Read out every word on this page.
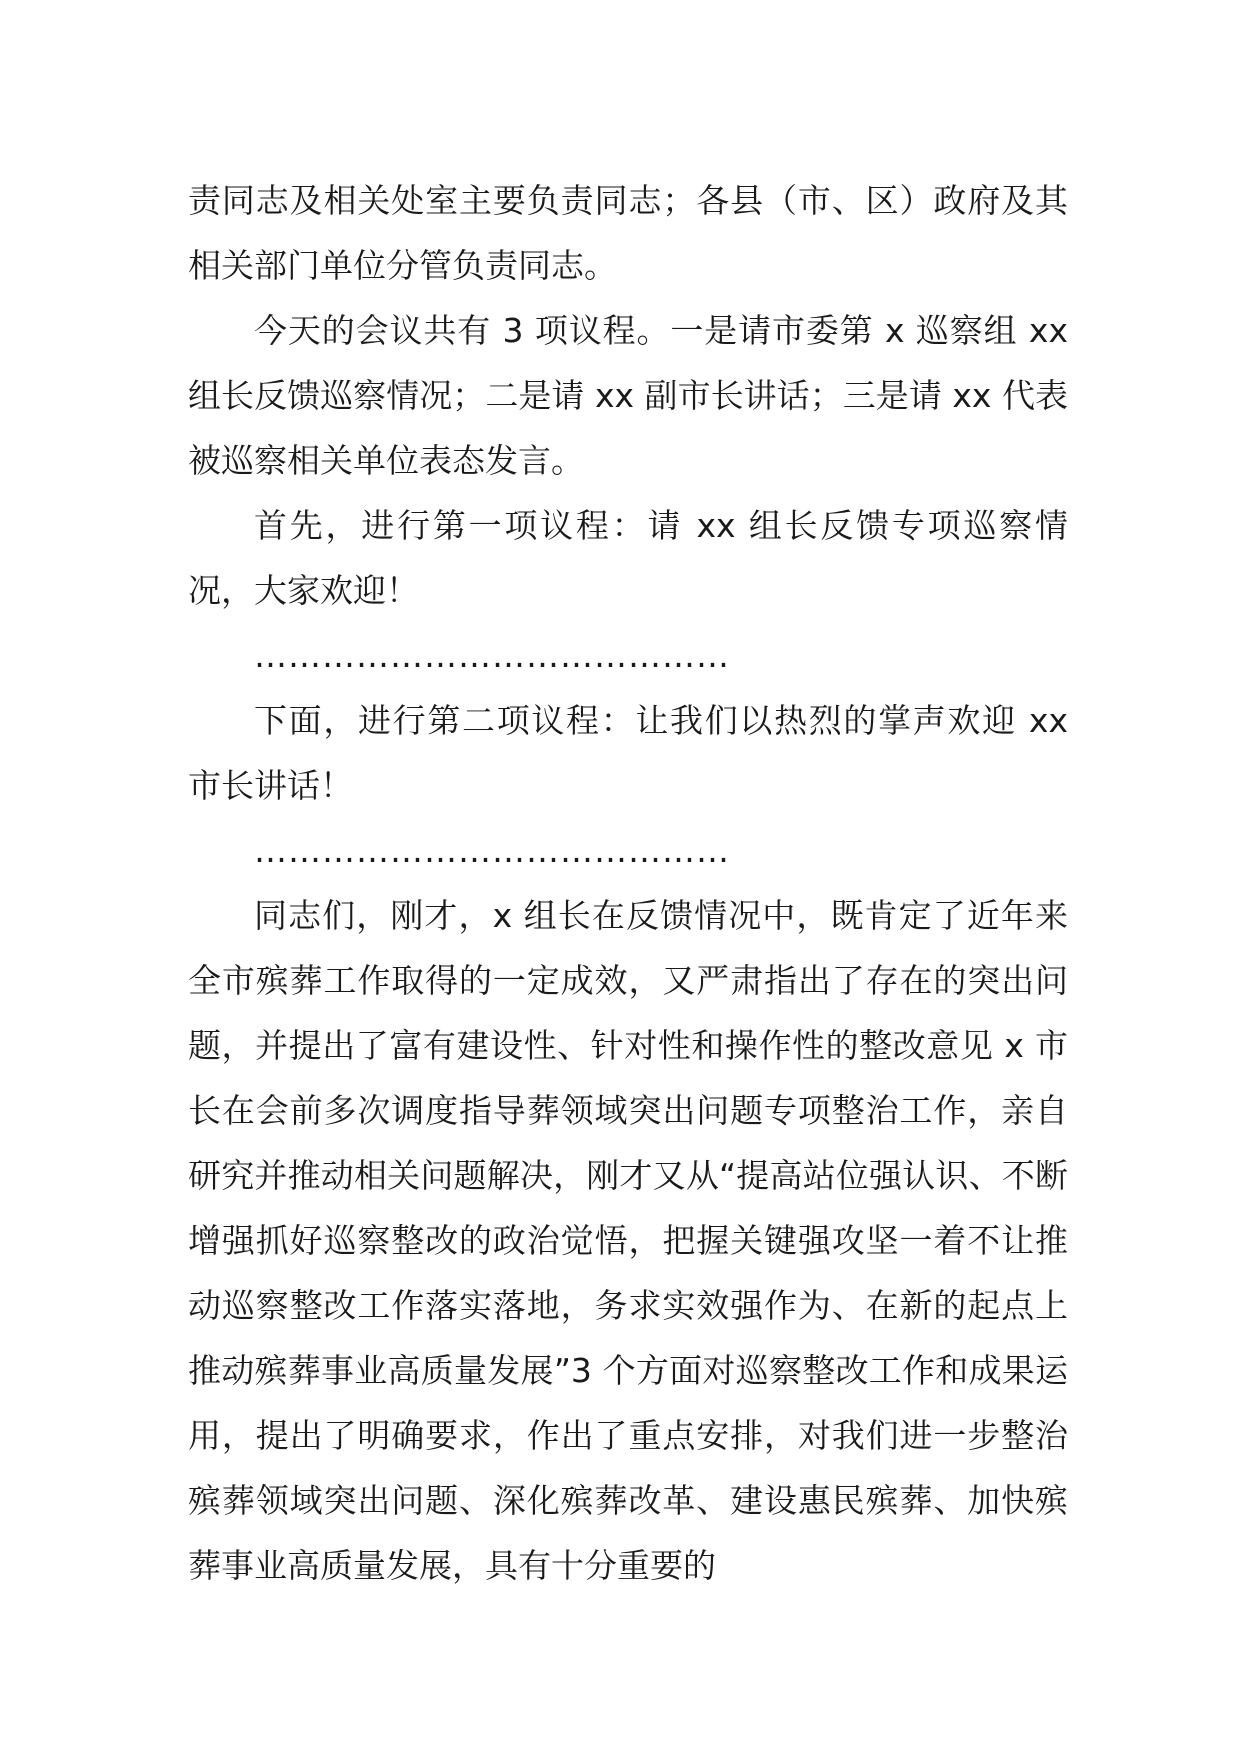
责同志及相关处室主要负责同志；各县（市、区）政府及其相关部门单位分管负责同志。

今天的会议共有 3 项议程。一是请市委第 x 巡察组 xx 组长反馈巡察情况；二是请 xx 副市长讲话；三是请 xx 代表被巡察相关单位表态发言。

首先，进行第一项议程：请 xx 组长反馈专项巡察情况，大家欢迎！

……………………………………

下面，进行第二项议程：让我们以热烈的掌声欢迎 xx 市长讲话！

……………………………………

同志们，刚才，x 组长在反馈情况中，既肯定了近年来全市殡葬工作取得的一定成效，又严肃指出了存在的突出问题，并提出了富有建设性、针对性和操作性的整改意见 x 市长在会前多次调度指导葬领域突出问题专项整治工作，亲自研究并推动相关问题解决，刚才又从“提高站位强认识、不断增强抓好巡察整改的政治觉悟，把握关键强攻坚一着不让推动巡察整改工作落实落地，务求实效强作为、在新的起点上推动殡葬事业高质量发展”3 个方面对巡察整改工作和成果运用，提出了明确要求，作出了重点安排，对我们进一步整治殡葬领域突出问题、深化殡葬改革、建设惠民殡葬、加快殡葬事业高质量发展，具有十分重要的
